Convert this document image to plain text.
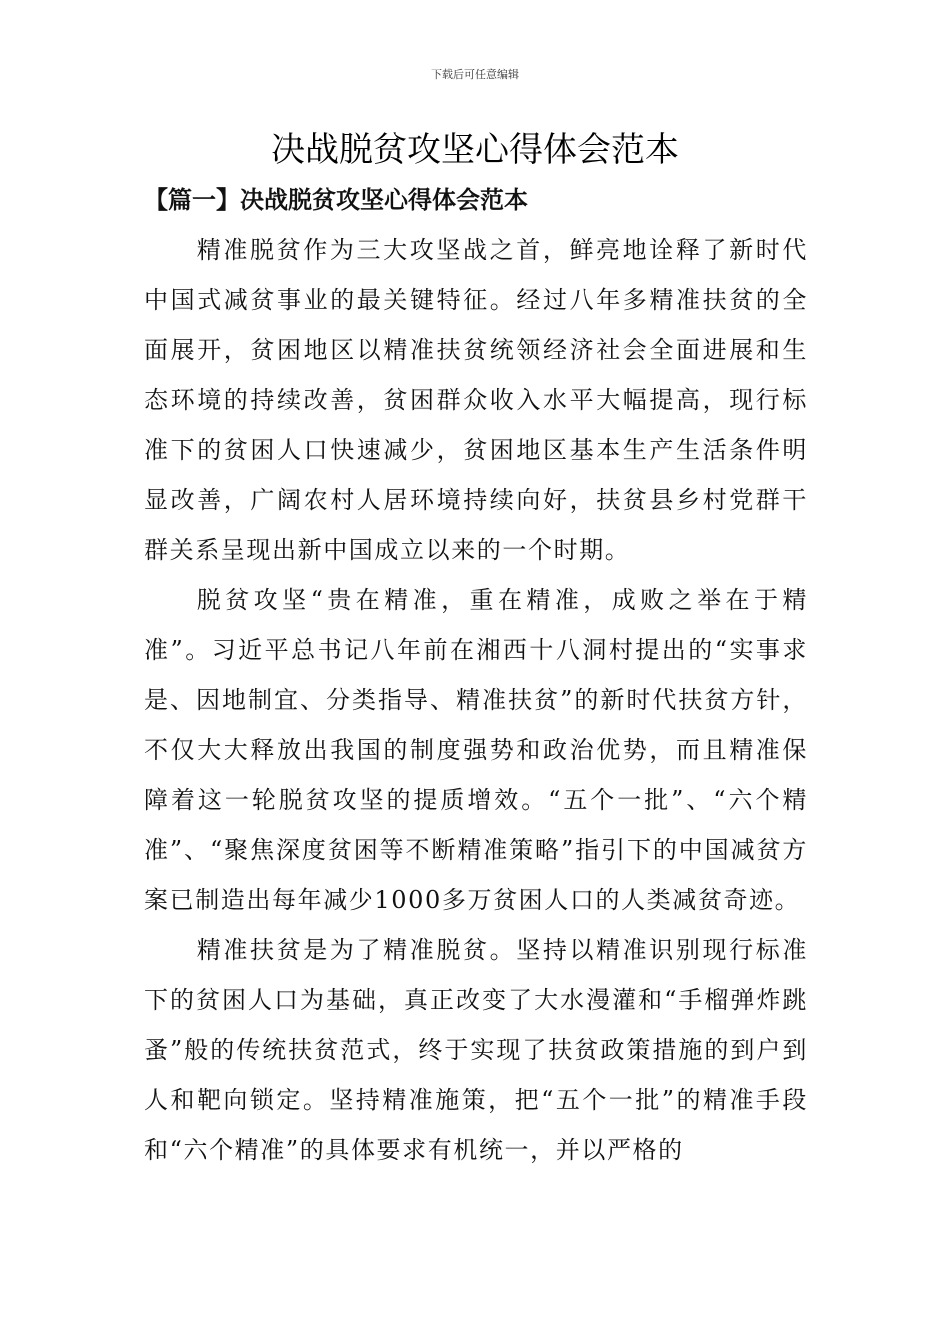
下载后可任意编辑
决战脱贫攻坚心得体会范本
【篇一】决战脱贫攻坚心得体会范本

精准脱贫作为三大攻坚战之首，鲜亮地诠释了新时代中国式减贫事业的最关键特征。经过八年多精准扶贫的全面展开，贫困地区以精准扶贫统领经济社会全面进展和生态环境的持续改善，贫困群众收入水平大幅提高，现行标准下的贫困人口快速减少，贫困地区基本生产生活条件明显改善，广阔农村人居环境持续向好，扶贫县乡村党群干群关系呈现出新中国成立以来的一个时期。

脱贫攻坚“贵在精准，重在精准，成败之举在于精准”。习近平总书记八年前在湘西十八洞村提出的“实事求是、因地制宜、分类指导、精准扶贫”的新时代扶贫方针，不仅大大释放出我国的制度强势和政治优势，而且精准保障着这一轮脱贫攻坚的提质增效。“五个一批”、“六个精准”、“聚焦深度贫困等不断精准策略”指引下的中国减贫方案已制造出每年减少1000多万贫困人口的人类减贫奇迹。

精准扶贫是为了精准脱贫。坚持以精准识别现行标准下的贫困人口为基础，真正改变了大水漫灌和“手榴弹炸跳蚤”般的传统扶贫范式，终于实现了扶贫政策措施的到户到人和靶向锁定。坚持精准施策，把“五个一批”的精准手段和“六个精准”的具体要求有机统一，并以严格的
